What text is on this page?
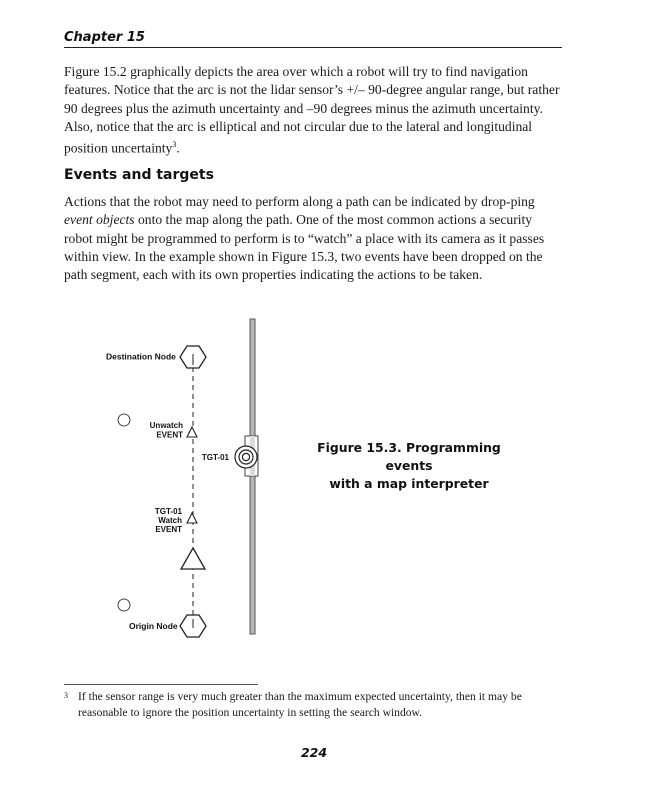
Chapter 15
Figure 15.2 graphically depicts the area over which a robot will try to find navigation features. Notice that the arc is not the lidar sensor’s +/– 90-degree angular range, but rather 90 degrees plus the azimuth uncertainty and –90 degrees minus the azimuth uncertainty. Also, notice that the arc is elliptical and not circular due to the lateral and longitudinal position uncertainty$^3$.
Events and targets
Actions that the robot may need to perform along a path can be indicated by drop-ping event objects onto the map along the path. One of the most common actions a security robot might be programmed to perform is to “watch” a place with its camera as it passes within view. In the example shown in Figure 15.3, two events have been dropped on the path segment, each with its own properties indicating the actions to be taken.
Destination Node
Unwatch
EVENT
TGT-01
TGT-01
Watch
EVENT
Origin Node
Figure 15.3. Programming events
with a map interpreter
3 If the sensor range is very much greater than the maximum expected uncertainty, then it may be reasonable to ignore the position uncertainty in setting the search window.
224
